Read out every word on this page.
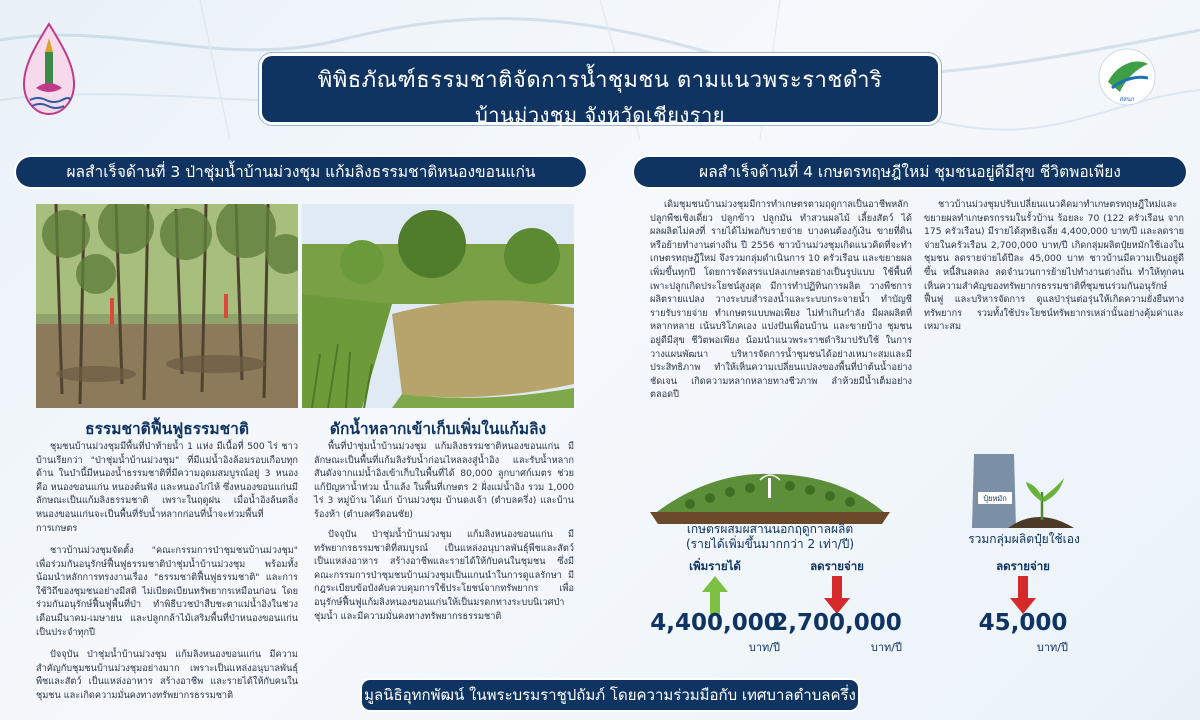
สสนก
พิพิธภัณฑ์ธรรมชาติจัดการน้ำชุมชน ตามแนวพระราชดำริ
บ้านม่วงชุม จังหวัดเชียงราย
ผลสำเร็จด้านที่ 3 ป่าชุ่มน้ำบ้านม่วงชุม แก้มลิงธรรมชาติหนองขอนแก่น	ผลสำเร็จด้านที่ 4 เกษตรทฤษฎีใหม่ ชุมชนอยู่ดีมีสุข ชีวิตพอเพียง
ธรรมชาติฟื้นฟูธรรมชาติ	ดักน้ำหลากเข้าเก็บเพิ่มในแก้มลิง

ชุมชนบ้านม่วงชุมมีพื้นที่ป่าท้ายน้ำ 1 แห่ง มีเนื้อที่ 500 ไร่ ชาวบ้านเรียกว่า "ป่าชุ่มน้ำบ้านม่วงชุม" ที่มีแม่น้ำอิงล้อมรอบเกือบทุกด้าน ในป่านี้มีหนองน้ำธรรมชาติที่มีความอุดมสมบูรณ์อยู่ 3 หนอง คือ หนองขอนแก่น หนองต้นฟัง และหนองไก่ไห้ ซึ่งหนองขอนแก่นมีลักษณะเป็นแก้มลิงธรรมชาติ เพราะในฤดูฝน เมื่อน้ำอิงล้นตลิ่ง หนองขอนแก่นจะเป็นพื้นที่รับน้ำหลากก่อนที่น้ำจะท่วมพื้นที่การเกษตร

ชาวบ้านม่วงชุมจัดตั้ง "คณะกรรมการป่าชุมชนบ้านม่วงชุม" เพื่อร่วมกันอนุรักษ์ฟื้นฟูธรรมชาติป่าชุ่มน้ำบ้านม่วงชุม พร้อมทั้งน้อมนำหลักการทรงงานเรื่อง "ธรรมชาติฟื้นฟูธรรมชาติ" และการใช้วิถีของชุมชนอย่างมีสติ ไม่เบียดเบียนทรัพยากรเหมือนก่อน โดยร่วมกันอนุรักษ์ฟื้นฟูพื้นที่ป่า ทำพิธีบวชป่าสืบชะตาแม่น้ำอิงในช่วงเดือนมีนาคม-เมษายน และปลูกกล้าไม้เสริมพื้นที่ป่าหนองขอนแก่นเป็นประจำทุกปี

ปัจจุบัน ป่าชุ่มน้ำบ้านม่วงชุม แก้มลิงหนองขอนแก่น มีความสำคัญกับชุมชนบ้านม่วงชุมอย่างมาก เพราะเป็นแหล่งอนุบาลพันธุ์พืชและสัตว์ เป็นแหล่งอาหาร สร้างอาชีพ และรายได้ให้กับคนในชุมชน และเกิดความมั่นคงทางทรัพยากรธรรมชาติ

พื้นที่ป่าชุ่มน้ำบ้านม่วงชุม แก้มลิงธรรมชาติหนองขอนแก่น มีลักษณะเป็นพื้นที่แก้มลิงรับน้ำก่อนไหลลงสู่น้ำอิง และรับน้ำหลากสันดังจากแม่น้ำอิงเข้าเก็บในพื้นที่ได้ 80,000 ลูกบาศก์เมตร ช่วยแก้ปัญหาน้ำท่วม น้ำแล้ง ในพื้นที่เกษตร 2 ฝั่งแม่น้ำอิง รวม 1,000 ไร่ 3 หมู่บ้าน ได้แก่ บ้านม่วงชุม บ้านดงเจ้า (ตำบลครึ่ง) และบ้านร้องห้า (ตำบลศรีดอนชัย)

ปัจจุบัน ป่าชุ่มน้ำบ้านม่วงชุม แก้มลิงหนองขอนแก่น มีทรัพยากรธรรมชาติที่สมบูรณ์ เป็นแหล่งอนุบาลพันธุ์พืชและสัตว์ เป็นแหล่งอาหาร สร้างอาชีพและรายได้ให้กับคนในชุมชน ซึ่งมีคณะกรรมการป่าชุมชนบ้านม่วงชุมเป็นแกนนำในการดูแลรักษา มีกฎระเบียบข้อบังคับควบคุมการใช้ประโยชน์จากทรัพยากร เพื่ออนุรักษ์ฟื้นฟูแก้มลิงหนองขอนแก่นให้เป็นมรดกทางระบบนิเวศป่าชุ่มน้ำ และมีความมั่นคงทางทรัพยากรธรรมชาติ

เดิมชุมชนบ้านม่วงชุมมีการทำเกษตรตามฤดูกาลเป็นอาชีพหลัก ปลูกพืชเชิงเดี่ยว ปลูกข้าว ปลูกมัน ทำสวนผลไม้ เลี้ยงสัตว์ ได้ผลผลิตไม่คงที่ รายได้ไม่พอกับรายจ่าย บางคนต้องกู้เงิน ขายที่ดินหรือย้ายทำงานต่างถิ่น ปี 2556 ชาวบ้านม่วงชุมเกิดแนวคิดที่จะทำเกษตรทฤษฎีใหม่ จึงรวมกลุ่มดำเนินการ 10 ครัวเรือน และขยายผลเพิ่มขึ้นทุกปี โดยการจัดสรรแปลงเกษตรอย่างเป็นรูปแบบ ใช้พื้นที่เพาะปลูกเกิดประโยชน์สูงสุด มีการทำปฏิทินการผลิต วางพืชการผลิตรายแปลง วางระบบสำรองน้ำและระบบกระจายน้ำ ทำบัญชีรายรับรายจ่าย ทำเกษตรแบบพอเพียง ไม่ทำเกินกำลัง มีผลผลิตที่หลากหลาย เน้นบริโภคเอง แบ่งปันเพื่อนบ้าน และขายบ้าง ชุมชนอยู่ดีมีสุข ชีวิตพอเพียง น้อมนำแนวพระราชดำริมาปรับใช้ ในการวางแผนพัฒนา บริหารจัดการน้ำชุมชนได้อย่างเหมาะสมและมีประสิทธิภาพ ทำให้เห็นความเปลี่ยนแปลงของพื้นที่ป่าต้นน้ำอย่างชัดเจน เกิดความหลากหลายทางชีวภาพ ลำห้วยมีน้ำเต็มอย่างตลอดปี

ชาวบ้านม่วงชุมปรับเปลี่ยนแนวคิดมาทำเกษตรทฤษฎีใหม่และขยายผลทำเกษตรกรรมในรั้วบ้าน ร้อยละ 70 (122 ครัวเรือน จาก 175 ครัวเรือน) มีรายได้สุทธิเฉลี่ย 4,400,000 บาท/ปี และลดรายจ่ายในครัวเรือน 2,700,000 บาท/ปี เกิดกลุ่มผลิตปุ๋ยหมักใช้เองในชุมชน ลดรายจ่ายได้ปีละ 45,000 บาท ชาวบ้านมีความเป็นอยู่ดีขึ้น หนี้สินลดลง ลดจำนวนการย้ายไปทำงานต่างถิ่น ทำให้ทุกคนเห็นความสำคัญของทรัพยากรธรรมชาติที่ชุมชนร่วมกันอนุรักษ์ ฟื้นฟู และบริหารจัดการ ดูแลป่ารุ่นต่อรุ่นให้เกิดความยั่งยืนทางทรัพยากร รวมทั้งใช้ประโยชน์ทรัพยากรเหล่านั้นอย่างคุ้มค่าและเหมาะสม

ปุ๋ยหมัก
เกษตรผสมผสานนอกฤดูกาลผลิต
(รายได้เพิ่มขึ้นมากกว่า 2 เท่า/ปี)	รวมกลุ่มผลิตปุ๋ยใช้เอง
เพิ่มรายได้
4,400,000
บาท/ปี
ลดรายจ่าย
2,700,000
บาท/ปี
ลดรายจ่าย
45,000
บาท/ปี
มูลนิธิอุทกพัฒน์ ในพระบรมราชูปถัมภ์ โดยความร่วมมือกับ เทศบาลตำบลครึ่ง
